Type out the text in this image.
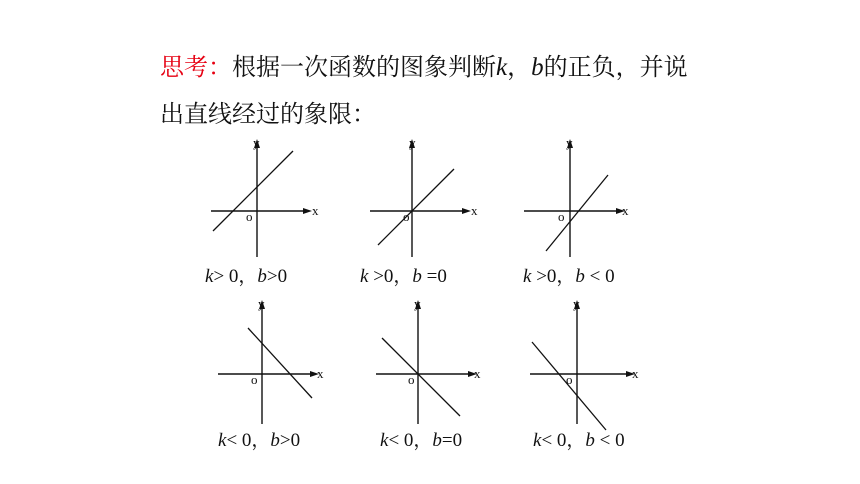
思考：根据一次函数的图象判断k，b的正负，并说
出直线经过的象限：
y
x
o
y
x
o
y
x
o
k> 0，b>0	k >0，b =0	k >0，b < 0
y
x
o
y
x
o
y
x
o
k< 0，b>0	k< 0，b=0	k< 0，b < 0
